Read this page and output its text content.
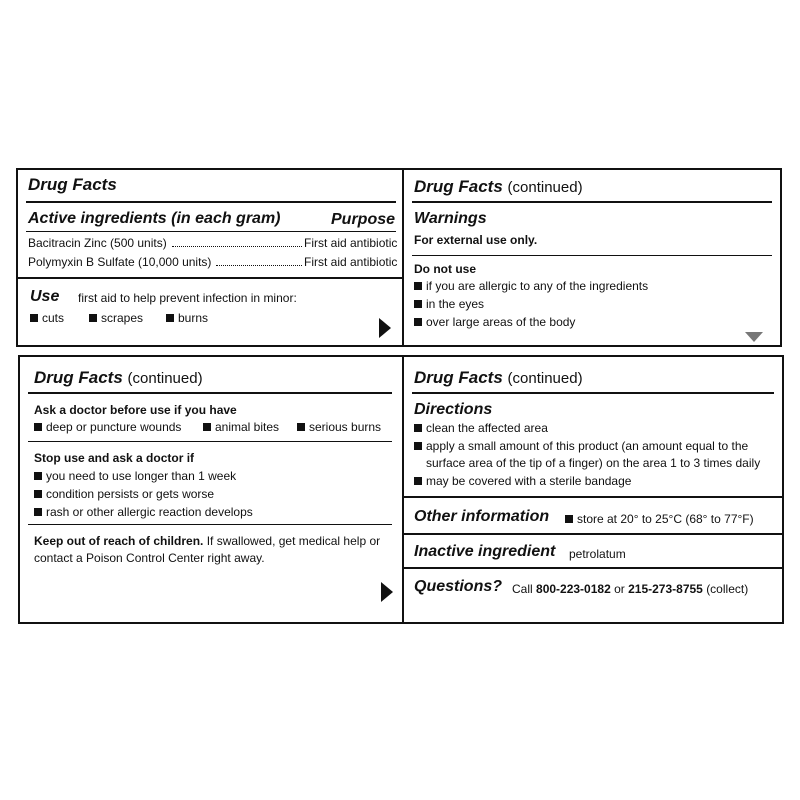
Drug Facts
Active ingredients (in each gram)	Purpose
Bacitracin Zinc (500 units)	First aid antibiotic
Polymyxin B Sulfate (10,000 units)	First aid antibiotic
Use first aid to help prevent infection in minor:
cuts	scrapes	burns
Drug Facts (continued)
Warnings
For external use only.
Do not use
if you are allergic to any of the ingredients
in the eyes
over large areas of the body
Drug Facts (continued)
Ask a doctor before use if you have
deep or puncture wounds	animal bites	serious burns
Stop use and ask a doctor if
you need to use longer than 1 week
condition persists or gets worse
rash or other allergic reaction develops
Keep out of reach of children. If swallowed, get medical help or
contact a Poison Control Center right away.
Drug Facts (continued)
Directions
clean the affected area
apply a small amount of this product (an amount equal to the
surface area of the tip of a finger) on the area 1 to 3 times daily
may be covered with a sterile bandage
Other information	store at 20° to 25°C (68° to 77°F)
Inactive ingredient petrolatum
Questions? Call 800-223-0182 or 215-273-8755 (collect)
